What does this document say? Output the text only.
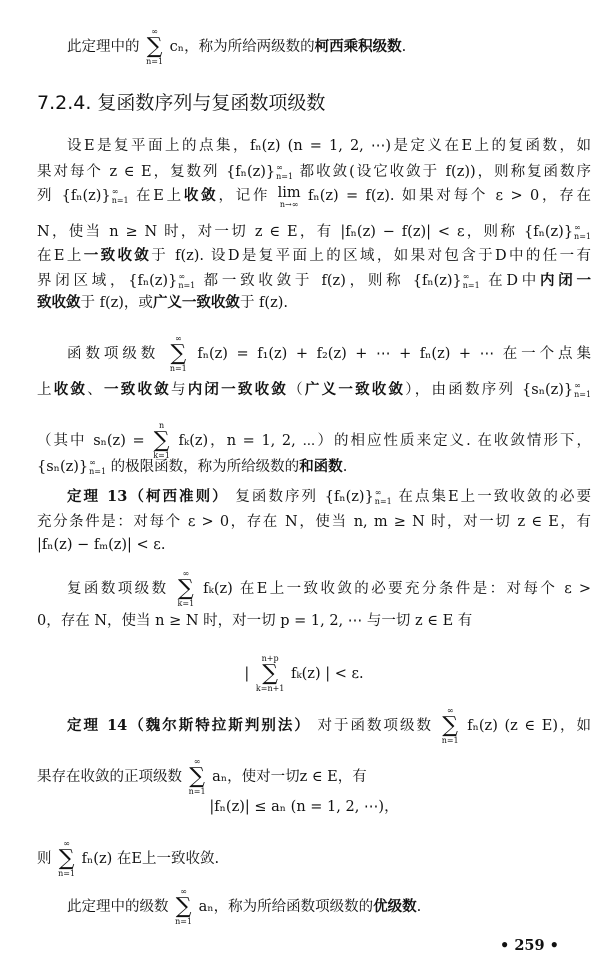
此定理中的
∞
∑
n=1
cₙ，称为所给两级数的柯西乘积级数.
7.2.4. 复函数序列与复函数项级数
设E是复平面上的点集，fₙ(z) (n = 1, 2, ⋯)是定义在E上的复函数，如
果对每个 z ∈ E，复数列 {fₙ(z)} ∞
n=1 都收敛(设它收敛于 f(z))，则称复函数序
列 {fₙ(z)} ∞
n=1 在E上收敛，记作 lim
n→∞ fₙ(z) = f(z). 如果对每个 ε > 0，存在
N，使当 n ≥ N 时，对一切 z ∈ E，有 |fₙ(z) − f(z)| < ε，则称 {fₙ(z)} ∞
n=1
在E上一致收敛于 f(z). 设D是复平面上的区域，如果对包含于D中的任一有
界闭区域，{fₙ(z)} ∞
n=1 都一致收敛于 f(z)，则称 {fₙ(z)} ∞
n=1 在D中内闭一
致收敛于 f(z)，或广义一致收敛于 f(z).
函数项级数
∞
∑
n=1
fₙ(z) = f₁(z) + f₂(z) + ⋯ + fₙ(z) + ⋯ 在一个点集
上收敛、一致收敛与内闭一致收敛（广义一致收敛），由函数序列 {sₙ(z)} ∞
n=1
（其中 sₙ(z) =
n
∑
k=1
fₖ(z)，n = 1, 2, ⋯）的相应性质来定义. 在收敛情形下，
{sₙ(z)} ∞
n=1 的极限函数，称为所给级数的和函数.
定理 13（柯西准则） 复函数序列 {fₙ(z)} ∞
n=1 在点集E上一致收敛的必要
充分条件是：对每个 ε > 0，存在 N，使当 n, m ≥ N 时，对一切 z ∈ E，有
|fₙ(z) − fₘ(z)| < ε.
复函数项级数
∞
∑
k=1
fₖ(z) 在E上一致收敛的必要充分条件是：对每个 ε >
0，存在 N，使当 n ≥ N 时，对一切 p = 1, 2, ⋯ 与一切 z ∈ E 有
|
n+p
∑
k=n+1
fₖ(z) | < ε.
定理 14（魏尔斯特拉斯判别法） 对于函数项级数
∞
∑
n=1
fₙ(z) (z ∈ E)，如
果存在收敛的正项级数
∞
∑
n=1
aₙ，使对一切z ∈ E，有
|fₙ(z)| ≤ aₙ (n = 1, 2, ⋯)，
则
∞
∑
n=1
fₙ(z) 在E上一致收敛.
此定理中的级数
∞
∑
n=1
aₙ，称为所给函数项级数的优级数.
• 259 •
